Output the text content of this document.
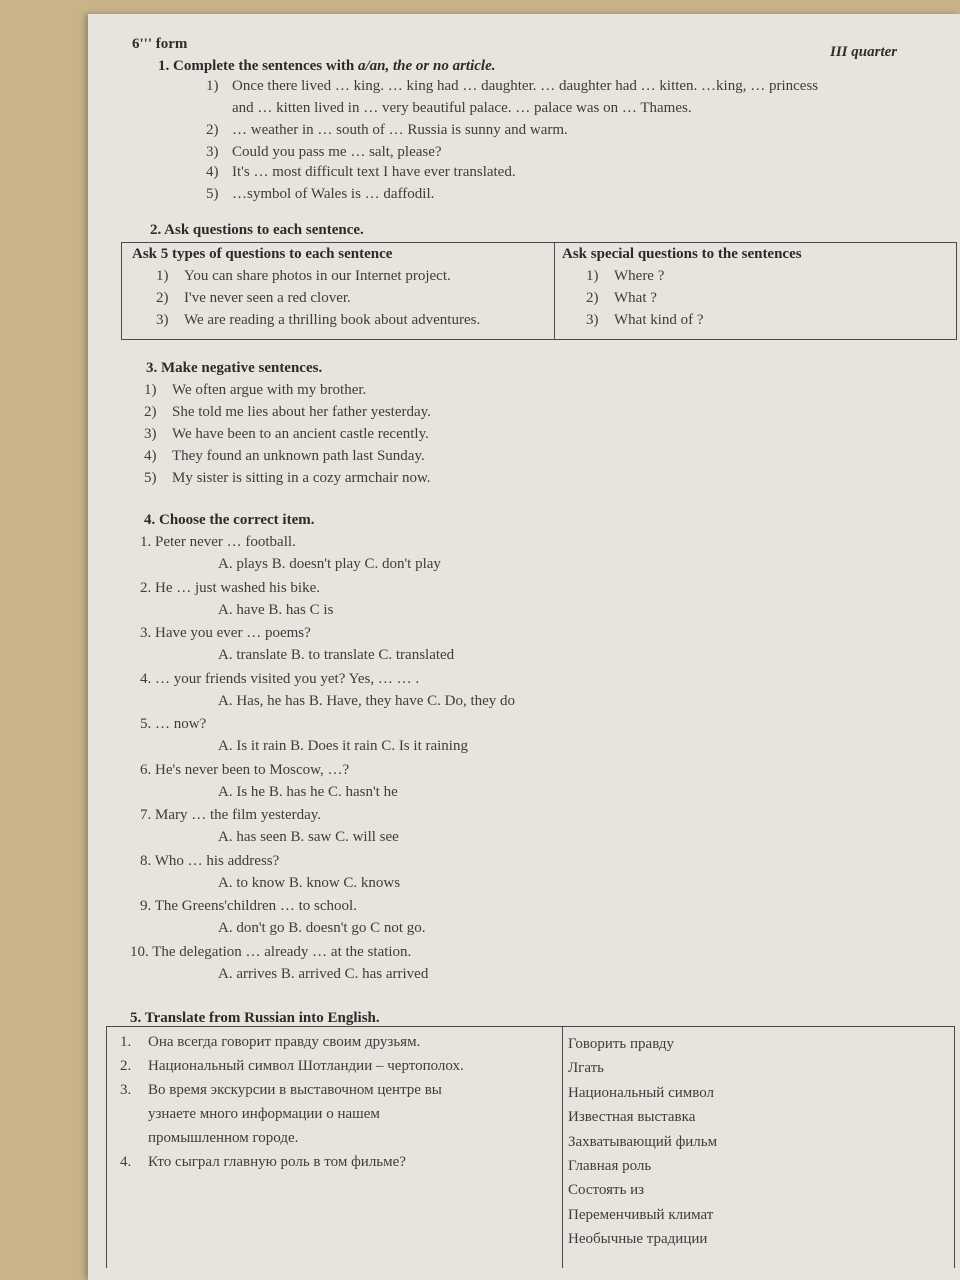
6''' form	III quarter
1. Complete the sentences with a/an, the or no article.
1) Once there lived … king. … king had … daughter. … daughter had … kitten. …king, … princess
and … kitten lived in … very beautiful palace. … palace was on … Thames.
2) … weather in … south of … Russia is sunny and warm.
3) Could you pass me … salt, please?
4) It's … most difficult text I have ever translated.
5) …symbol of Wales is … daffodil.
2. Ask questions to each sentence.
Ask 5 types of questions to each sentence	Ask special questions to the sentences
1) You can share photos in our Internet project.
2) I've never seen a red clover.
3) We are reading a thrilling book about adventures.
1) Where ?
2) What ?
3) What kind of ?
3. Make negative sentences.
1) We often argue with my brother.
2) She told me lies about her father yesterday.
3) We have been to an ancient castle recently.
4) They found an unknown path last Sunday.
5) My sister is sitting in a cozy armchair now.
4. Choose the correct item.
1. Peter never … football.
A. plays B. doesn't play C. don't play
2. He … just washed his bike.
A. have B. has C is
3. Have you ever … poems?
A. translate B. to translate C. translated
4. … your friends visited you yet? Yes, … … .
A. Has, he has B. Have, they have C. Do, they do
5. … now?
A. Is it rain B. Does it rain C. Is it raining
6. He's never been to Moscow, …?
A. Is he B. has he C. hasn't he
7. Mary … the film yesterday.
A. has seen B. saw C. will see
8. Who … his address?
A. to know B. know C. knows
9. The Greens'children … to school.
A. don't go B. doesn't go C not go.
10. The delegation … already … at the station.
A. arrives B. arrived C. has arrived
5. Translate from Russian into English.
1. Она всегда говорит правду своим друзьям.
2. Национальный символ Шотландии – чертополох.
3. Во время экскурсии в выставочном центре вы
узнаете много информации о нашем
промышленном городе.
4. Кто сыграл главную роль в том фильме?
Говорить правду
Лгать
Национальный символ
Известная выставка
Захватывающий фильм
Главная роль
Состоять из
Переменчивый климат
Необычные традиции
